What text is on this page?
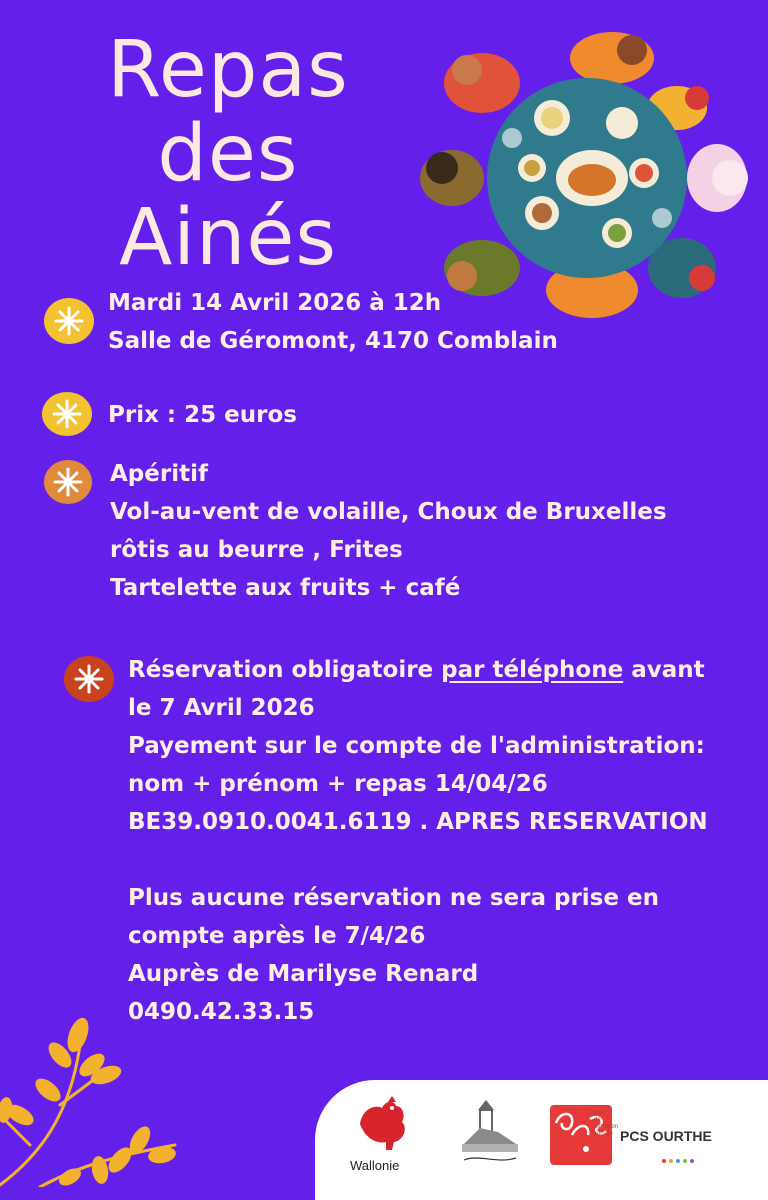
Repas
des
Ainés
Mardi 14 Avril 2026 à 12h
Salle de Géromont, 4170 Comblain
Prix : 25 euros
Apéritif
Vol-au-vent de volaille, Choux de Bruxelles
rôtis au beurre , Frites
Tartelette aux fruits + café
Réservation obligatoire par téléphone avant
le 7 Avril 2026
Payement sur le compte de l'administration:
nom + prénom + repas 14/04/26
BE39.0910.0041.6119 . APRES RESERVATION
Plus aucune réservation ne sera prise en
compte après le 7/4/26
Auprès de Marilyse Renard
0490.42.33.15
Wallonie
plan de cohésion sociale PCS OURTHE
